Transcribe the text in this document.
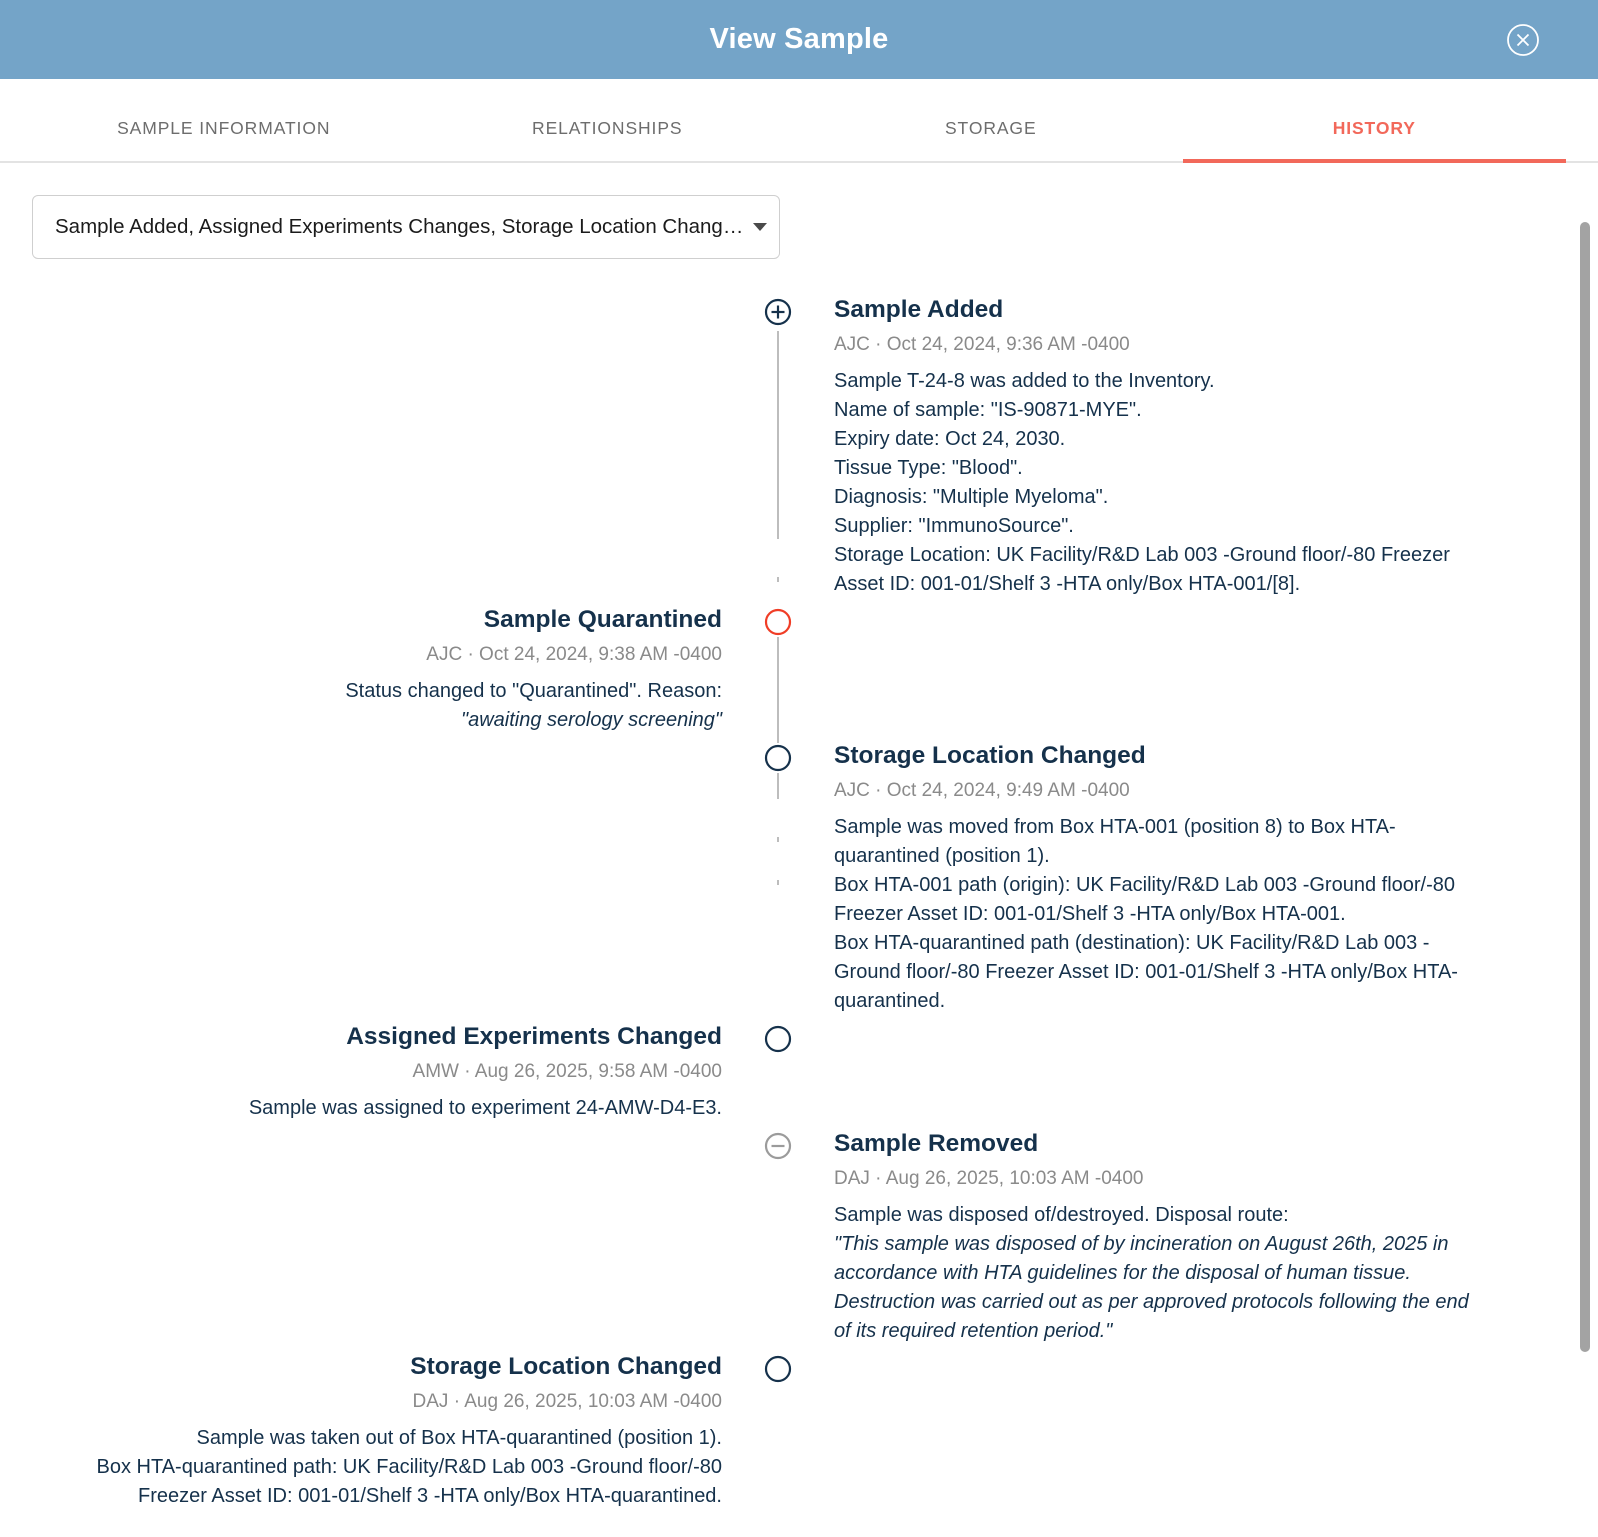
View Sample
SAMPLE INFORMATION	RELATIONSHIPS	STORAGE	HISTORY
Sample Added, Assigned Experiments Changes, Storage Location Chang…
Sample Added
AJC · Oct 24, 2024, 9:36 AM -0400
Sample T-24-8 was added to the Inventory.
Name of sample: "IS-90871-MYE".
Expiry date: Oct 24, 2030.
Tissue Type: "Blood".
Diagnosis: "Multiple Myeloma".
Supplier: "ImmunoSource".
Storage Location: UK Facility/R&D Lab 003 -Ground floor/-80 Freezer Asset ID: 001-01/Shelf 3 -HTA only/Box HTA-001/[8].
Sample Quarantined
AJC · Oct 24, 2024, 9:38 AM -0400
Status changed to "Quarantined". Reason:
"awaiting serology screening"
Storage Location Changed
AJC · Oct 24, 2024, 9:49 AM -0400
Sample was moved from Box HTA-001 (position 8) to Box HTA-quarantined (position 1).
Box HTA-001 path (origin): UK Facility/R&D Lab 003 -Ground floor/-80 Freezer Asset ID: 001-01/Shelf 3 -HTA only/Box HTA-001.
Box HTA-quarantined path (destination): UK Facility/R&D Lab 003 -Ground floor/-80 Freezer Asset ID: 001-01/Shelf 3 -HTA only/Box HTA-quarantined.
Assigned Experiments Changed
AMW · Aug 26, 2025, 9:58 AM -0400
Sample was assigned to experiment 24-AMW-D4-E3.
Sample Removed
DAJ · Aug 26, 2025, 10:03 AM -0400
Sample was disposed of/destroyed. Disposal route:
"This sample was disposed of by incineration on August 26th, 2025 in accordance with HTA guidelines for the disposal of human tissue. Destruction was carried out as per approved protocols following the end of its required retention period."
Storage Location Changed
DAJ · Aug 26, 2025, 10:03 AM -0400
Sample was taken out of Box HTA-quarantined (position 1).
Box HTA-quarantined path: UK Facility/R&D Lab 003 -Ground floor/-80 Freezer Asset ID: 001-01/Shelf 3 -HTA only/Box HTA-quarantined.
